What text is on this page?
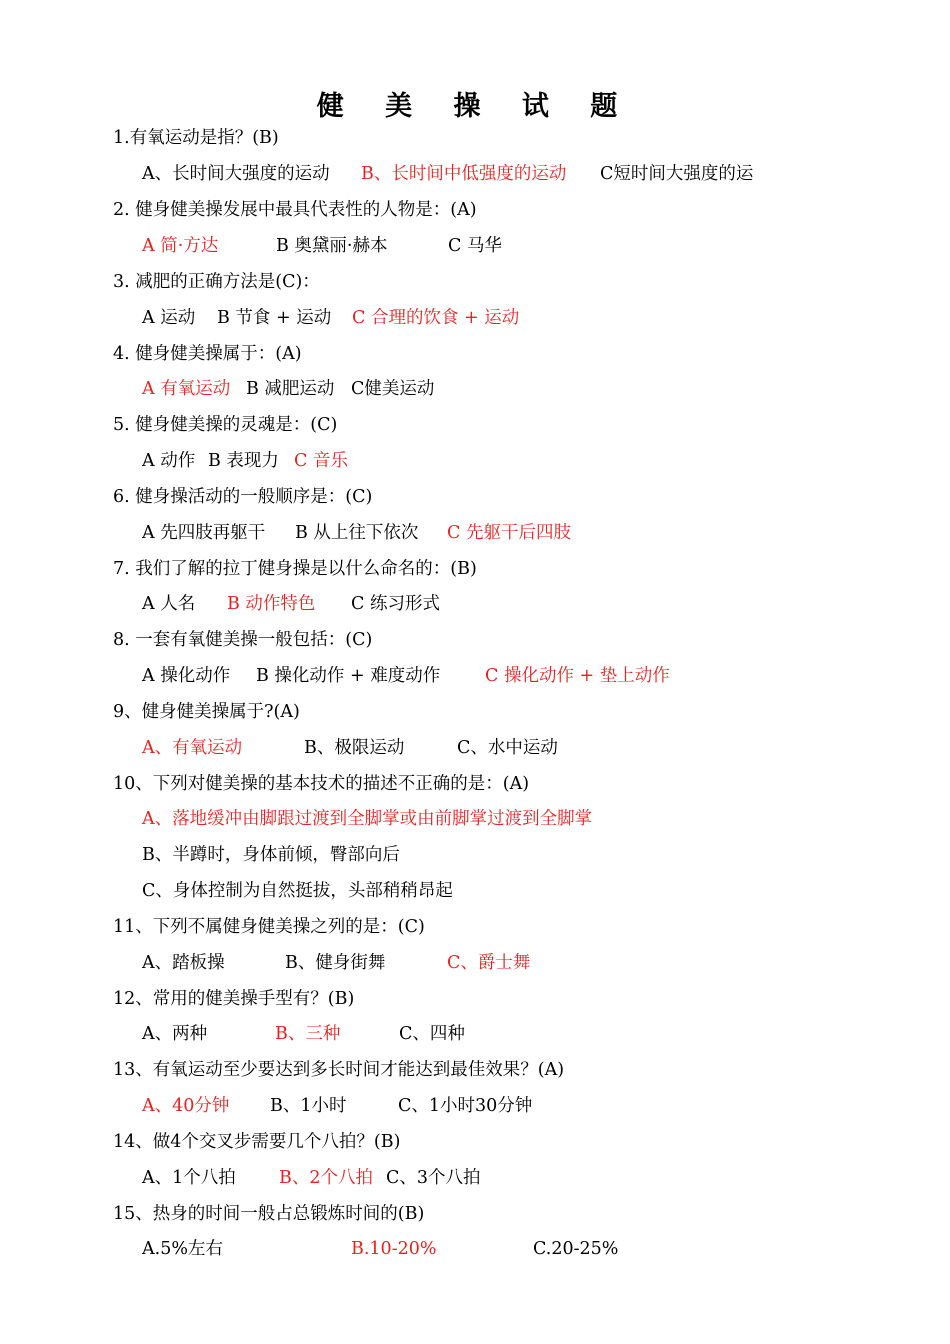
健 美 操 试 题
1.有氧运动是指？(B)
A、长时间大强度的运动 B、长时间中低强度的运动 C短时间大强度的运
2. 健身健美操发展中最具代表性的人物是：(A)
A 简·方达	B 奥黛丽·赫本	C 马华
3. 减肥的正确方法是(C)：
A 运动 B 节食 + 运动 C 合理的饮食 + 运动
4. 健身健美操属于：(A)
A 有氧运动 B 减肥运动 C健美运动
5. 健身健美操的灵魂是：(C)
A 动作 B 表现力 C 音乐
6. 健身操活动的一般顺序是：(C)
A 先四肢再躯干 B 从上往下依次 C 先躯干后四肢
7. 我们了解的拉丁健身操是以什么命名的：(B)
A 人名 B 动作特色 C 练习形式
8. 一套有氧健美操一般包括：(C)
A 操化动作 B 操化动作 + 难度动作	C 操化动作 + 垫上动作
9、健身健美操属于?(A)
A、有氧运动	B、极限运动	C、水中运动
10、下列对健美操的基本技术的描述不正确的是：(A)
A、落地缓冲由脚跟过渡到全脚掌或由前脚掌过渡到全脚掌
B、半蹲时，身体前倾，臀部向后
C、身体控制为自然挺拔，头部稍稍昂起
11、下列不属健身健美操之列的是：(C)
A、踏板操	B、健身街舞	C、爵士舞
12、常用的健美操手型有？(B)
A、两种	B、三种	C、四种
13、有氧运动至少要达到多长时间才能达到最佳效果？(A)
A、40分钟 B、1小时	C、1小时30分钟
14、做4个交叉步需要几个八拍？(B)
A、1个八拍 B、2个八拍 C、3个八拍
15、热身的时间一般占总锻炼时间的(B)
A.5%左右	B.10-20%	C.20-25%
